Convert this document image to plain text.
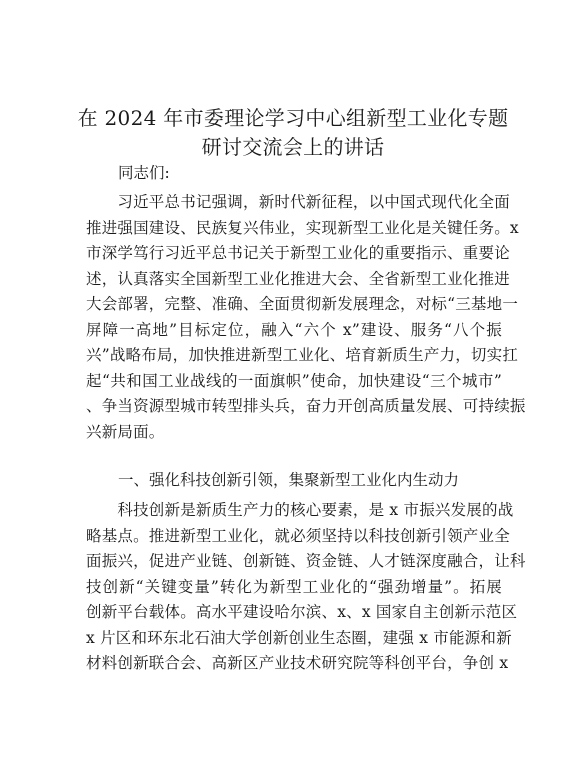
在 2024 年市委理论学习中心组新型工业化专题
研讨交流会上的讲话
同志们:
　　习近平总书记强调，新时代新征程，以中国式现代化全面
推进强国建设、民族复兴伟业，实现新型工业化是关键任务。x
市深学笃行习近平总书记关于新型工业化的重要指示、重要论
述，认真落实全国新型工业化推进大会、全省新型工业化推进
大会部署，完整、准确、全面贯彻新发展理念，对标“三基地一
屏障一高地”目标定位，融入“六个 x”建设、服务“八个振
兴”战略布局，加快推进新型工业化、培育新质生产力，切实扛
起“共和国工业战线的一面旗帜”使命，加快建设“三个城市”
、争当资源型城市转型排头兵，奋力开创高质量发展、可持续振
兴新局面。
一、强化科技创新引领，集聚新型工业化内生动力
　　科技创新是新质生产力的核心要素，是 x 市振兴发展的战
略基点。推进新型工业化，就必须坚持以科技创新引领产业全
面振兴，促进产业链、创新链、资金链、人才链深度融合，让科
技创新“关键变量”转化为新型工业化的“强劲增量”。拓展
创新平台载体。高水平建设哈尔滨、x、x 国家自主创新示范区
x 片区和环东北石油大学创新创业生态圈，建强 x 市能源和新
材料创新联合会、高新区产业技术研究院等科创平台，争创 x
